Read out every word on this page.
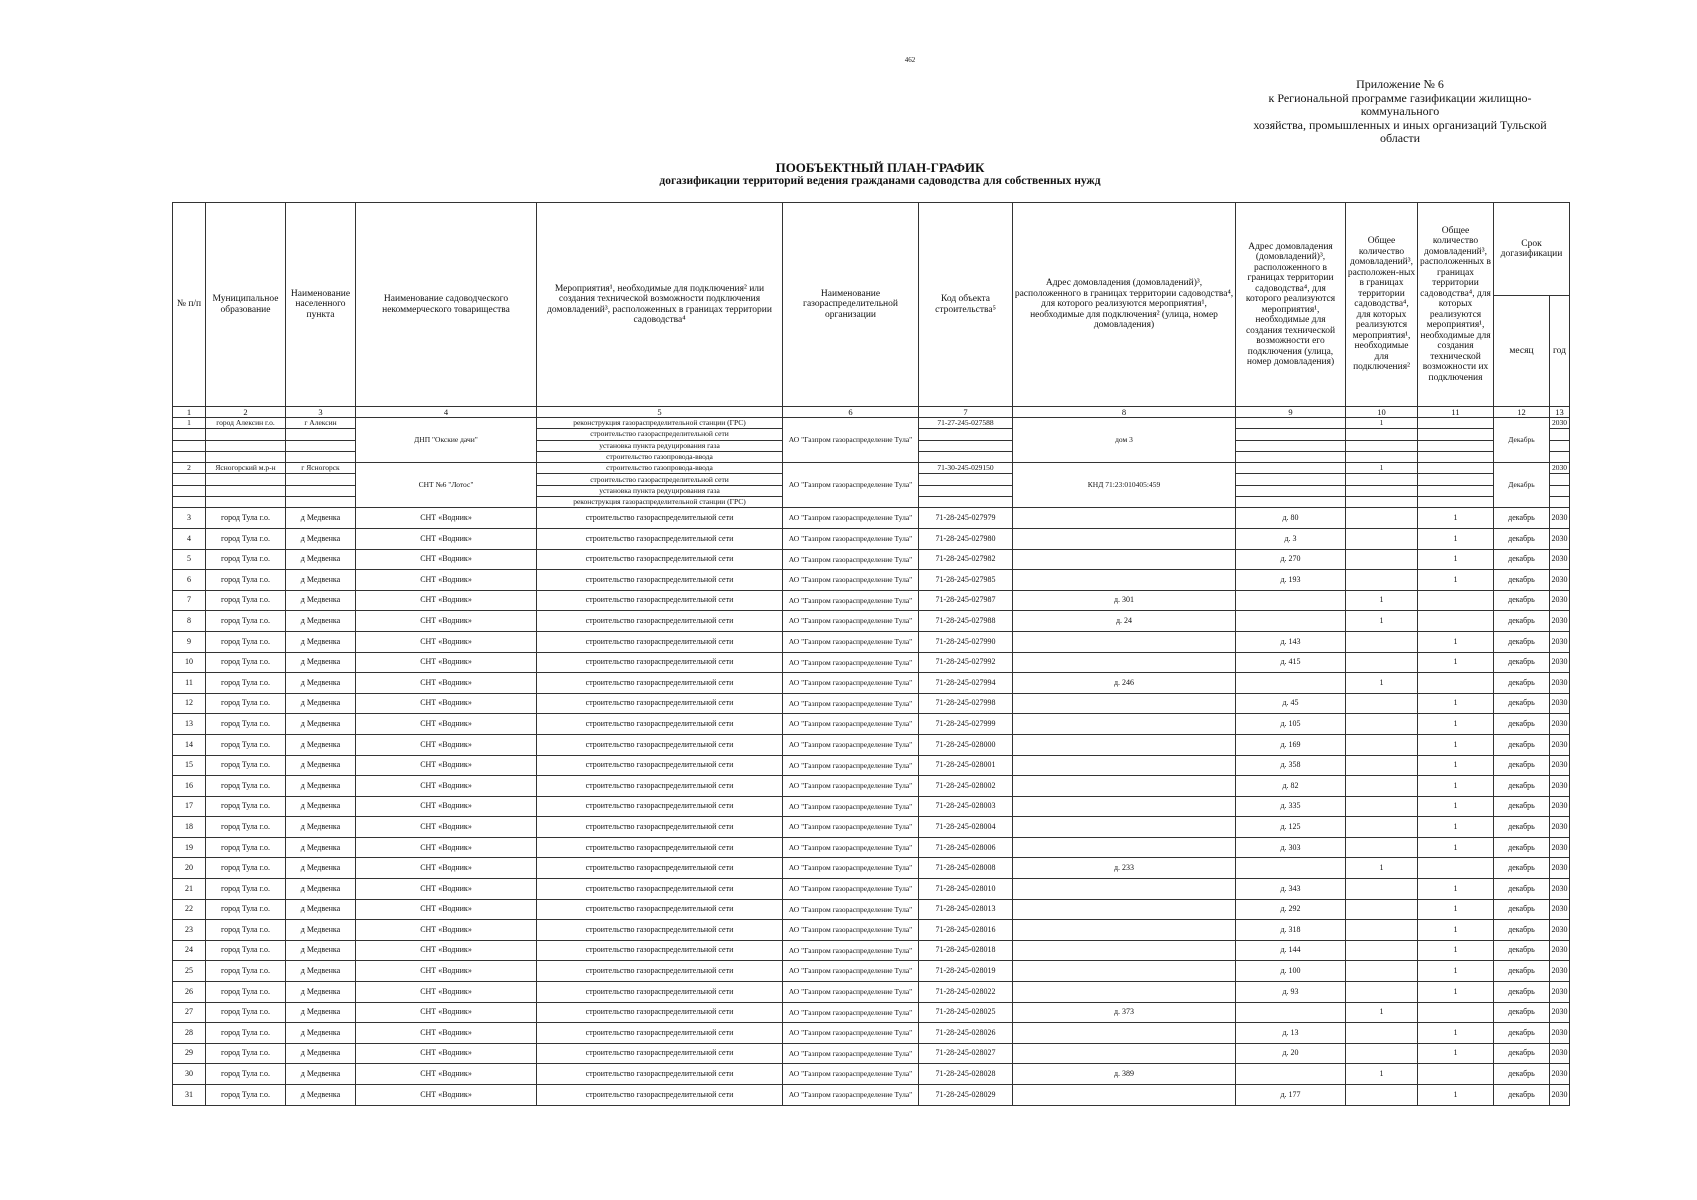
462
Приложение № 6
к Региональной программе газификации жилищно-коммунального
хозяйства, промышленных и иных организаций Тульской области
ПООБЪЕКТНЫЙ ПЛАН-ГРАФИК
догазификации территорий ведения гражданами садоводства для собственных нужд
№ п/п	Муниципальное образование	Наименование населенного пункта	Наименование садоводческого некоммерческого товарищества	Мероприятия¹, необходимые для подключения² или создания технической возможности подключения домовладений³, расположенных в границах территории садоводства⁴	Наименование газораспределительной организации	Код объекта строительства⁵	Адрес домовладения (домовладений)³, расположенного в границах территории садоводства⁴, для которого реализуются мероприятия¹, необходимые для подключения² (улица, номер домовладения)	Адрес домовладения (домовладений)³, расположенного в границах территории садоводства⁴, для которого реализуются мероприятия¹, необходимые для создания технической возможности его подключения (улица, номер домовладения)	Общее количество домовладений³, расположен-ных в границах территории садоводства⁴, для которых реализуются мероприятия¹, необходимые для подключения²	Общее количество домовладений³, расположенных в границах территории садоводства⁴, для которых реализуются мероприятия¹, необходимые для создания технической возможности их подключения	Срок догазификации	
											месяц	год
1	2	3	4	5	6	7	8	9	10	11	12	13
1	город Алексин г.о.	г Алексин	ДНП "Окские дачи"	реконструкция газораспределительной станции (ГРС)	АО "Газпром газораспределение Тула"	71-27-245-027588	дом 3		1		Декабрь	2030
				строительство газораспределительной сети								
				установка пункта редуцирования газа								
				строительство газопровода-ввода								
2	Ясногорский м.р-н	г Ясногорск	СНТ №6 "Лотос"	строительство газопровода-ввода	АО "Газпром газораспределение Тула"	71-30-245-029150	КНД 71:23:010405:459		1		Декабрь	2030
				строительство газораспределительной сети								
				установка пункта редуцирования газа								
				реконструкция газораспределительной станции (ГРС)								
3	город Тула г.о.	д Медвенка	СНТ «Водник»	строительство газораспределительной сети	АО "Газпром газораспределение Тула"	71-28-245-027979		д. 80		1	декабрь	2030
4	город Тула г.о.	д Медвенка	СНТ «Водник»	строительство газораспределительной сети	АО "Газпром газораспределение Тула"	71-28-245-027980		д. 3		1	декабрь	2030
5	город Тула г.о.	д Медвенка	СНТ «Водник»	строительство газораспределительной сети	АО "Газпром газораспределение Тула"	71-28-245-027982		д. 270		1	декабрь	2030
6	город Тула г.о.	д Медвенка	СНТ «Водник»	строительство газораспределительной сети	АО "Газпром газораспределение Тула"	71-28-245-027985		д. 193		1	декабрь	2030
7	город Тула г.о.	д Медвенка	СНТ «Водник»	строительство газораспределительной сети	АО "Газпром газораспределение Тула"	71-28-245-027987	д. 301		1		декабрь	2030
8	город Тула г.о.	д Медвенка	СНТ «Водник»	строительство газораспределительной сети	АО "Газпром газораспределение Тула"	71-28-245-027988	д. 24		1		декабрь	2030
9	город Тула г.о.	д Медвенка	СНТ «Водник»	строительство газораспределительной сети	АО "Газпром газораспределение Тула"	71-28-245-027990		д. 143		1	декабрь	2030
10	город Тула г.о.	д Медвенка	СНТ «Водник»	строительство газораспределительной сети	АО "Газпром газораспределение Тула"	71-28-245-027992		д. 415		1	декабрь	2030
11	город Тула г.о.	д Медвенка	СНТ «Водник»	строительство газораспределительной сети	АО "Газпром газораспределение Тула"	71-28-245-027994	д. 246		1		декабрь	2030
12	город Тула г.о.	д Медвенка	СНТ «Водник»	строительство газораспределительной сети	АО "Газпром газораспределение Тула"	71-28-245-027998		д. 45		1	декабрь	2030
13	город Тула г.о.	д Медвенка	СНТ «Водник»	строительство газораспределительной сети	АО "Газпром газораспределение Тула"	71-28-245-027999		д. 105		1	декабрь	2030
14	город Тула г.о.	д Медвенка	СНТ «Водник»	строительство газораспределительной сети	АО "Газпром газораспределение Тула"	71-28-245-028000		д. 169		1	декабрь	2030
15	город Тула г.о.	д Медвенка	СНТ «Водник»	строительство газораспределительной сети	АО "Газпром газораспределение Тула"	71-28-245-028001		д. 358		1	декабрь	2030
16	город Тула г.о.	д Медвенка	СНТ «Водник»	строительство газораспределительной сети	АО "Газпром газораспределение Тула"	71-28-245-028002		д. 82		1	декабрь	2030
17	город Тула г.о.	д Медвенка	СНТ «Водник»	строительство газораспределительной сети	АО "Газпром газораспределение Тула"	71-28-245-028003		д. 335		1	декабрь	2030
18	город Тула г.о.	д Медвенка	СНТ «Водник»	строительство газораспределительной сети	АО "Газпром газораспределение Тула"	71-28-245-028004		д. 125		1	декабрь	2030
19	город Тула г.о.	д Медвенка	СНТ «Водник»	строительство газораспределительной сети	АО "Газпром газораспределение Тула"	71-28-245-028006		д. 303		1	декабрь	2030
20	город Тула г.о.	д Медвенка	СНТ «Водник»	строительство газораспределительной сети	АО "Газпром газораспределение Тула"	71-28-245-028008	д. 233		1		декабрь	2030
21	город Тула г.о.	д Медвенка	СНТ «Водник»	строительство газораспределительной сети	АО "Газпром газораспределение Тула"	71-28-245-028010		д. 343		1	декабрь	2030
22	город Тула г.о.	д Медвенка	СНТ «Водник»	строительство газораспределительной сети	АО "Газпром газораспределение Тула"	71-28-245-028013		д. 292		1	декабрь	2030
23	город Тула г.о.	д Медвенка	СНТ «Водник»	строительство газораспределительной сети	АО "Газпром газораспределение Тула"	71-28-245-028016		д. 318		1	декабрь	2030
24	город Тула г.о.	д Медвенка	СНТ «Водник»	строительство газораспределительной сети	АО "Газпром газораспределение Тула"	71-28-245-028018		д. 144		1	декабрь	2030
25	город Тула г.о.	д Медвенка	СНТ «Водник»	строительство газораспределительной сети	АО "Газпром газораспределение Тула"	71-28-245-028019		д. 100		1	декабрь	2030
26	город Тула г.о.	д Медвенка	СНТ «Водник»	строительство газораспределительной сети	АО "Газпром газораспределение Тула"	71-28-245-028022		д. 93		1	декабрь	2030
27	город Тула г.о.	д Медвенка	СНТ «Водник»	строительство газораспределительной сети	АО "Газпром газораспределение Тула"	71-28-245-028025	д. 373		1		декабрь	2030
28	город Тула г.о.	д Медвенка	СНТ «Водник»	строительство газораспределительной сети	АО "Газпром газораспределение Тула"	71-28-245-028026		д. 13		1	декабрь	2030
29	город Тула г.о.	д Медвенка	СНТ «Водник»	строительство газораспределительной сети	АО "Газпром газораспределение Тула"	71-28-245-028027		д. 20		1	декабрь	2030
30	город Тула г.о.	д Медвенка	СНТ «Водник»	строительство газораспределительной сети	АО "Газпром газораспределение Тула"	71-28-245-028028	д. 389		1		декабрь	2030
31	город Тула г.о.	д Медвенка	СНТ «Водник»	строительство газораспределительной сети	АО "Газпром газораспределение Тула"	71-28-245-028029		д. 177		1	декабрь	2030
